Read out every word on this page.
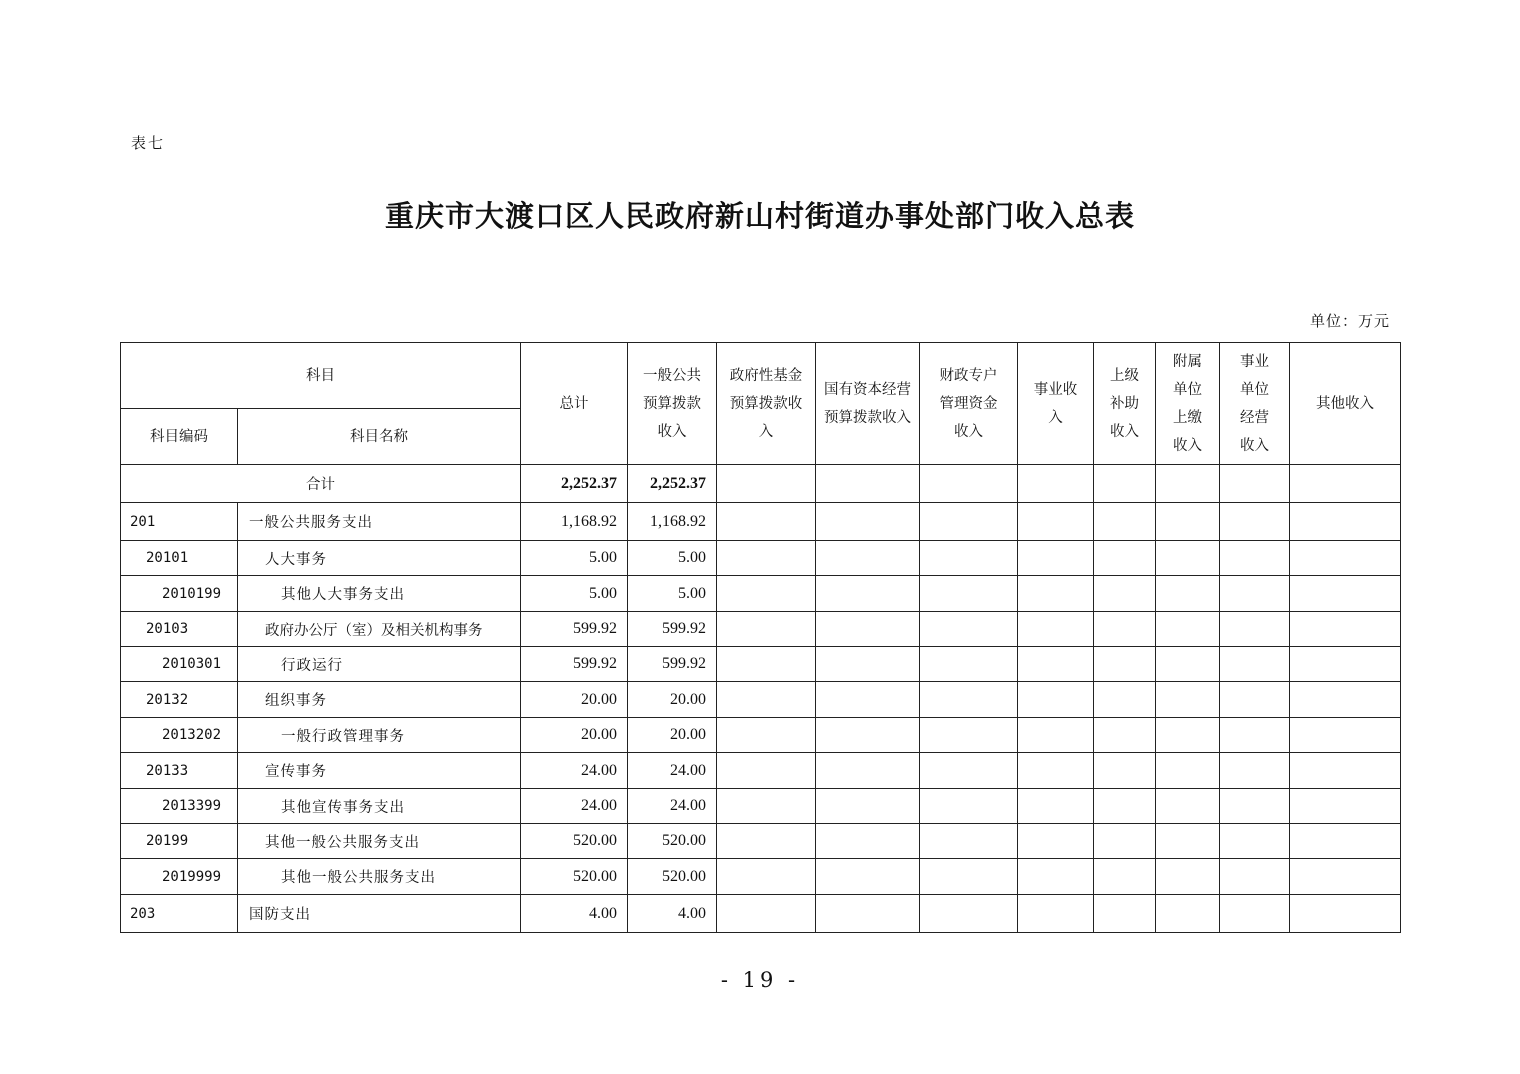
表七
重庆市大渡口区人民政府新山村街道办事处部门收入总表
单位：万元
科目		总计	一般公共预算拨款收入	政府性基金预算拨款收入	国有资本经营预算拨款收入	财政专户管理资金收入	事业收入	上级补助收入	附属单位上缴收入	事业单位经营收入	其他收入
科目编码	科目名称										
合计		2,252.37	2,252.37								
201	一般公共服务支出	1,168.92	1,168.92								
20101	人大事务	5.00	5.00								
2010199	其他人大事务支出	5.00	5.00								
20103	政府办公厅（室）及相关机构事务	599.92	599.92								
2010301	行政运行	599.92	599.92								
20132	组织事务	20.00	20.00								
2013202	一般行政管理事务	20.00	20.00								
20133	宣传事务	24.00	24.00								
2013399	其他宣传事务支出	24.00	24.00								
20199	其他一般公共服务支出	520.00	520.00								
2019999	其他一般公共服务支出	520.00	520.00								
203	国防支出	4.00	4.00								
- 19 -
